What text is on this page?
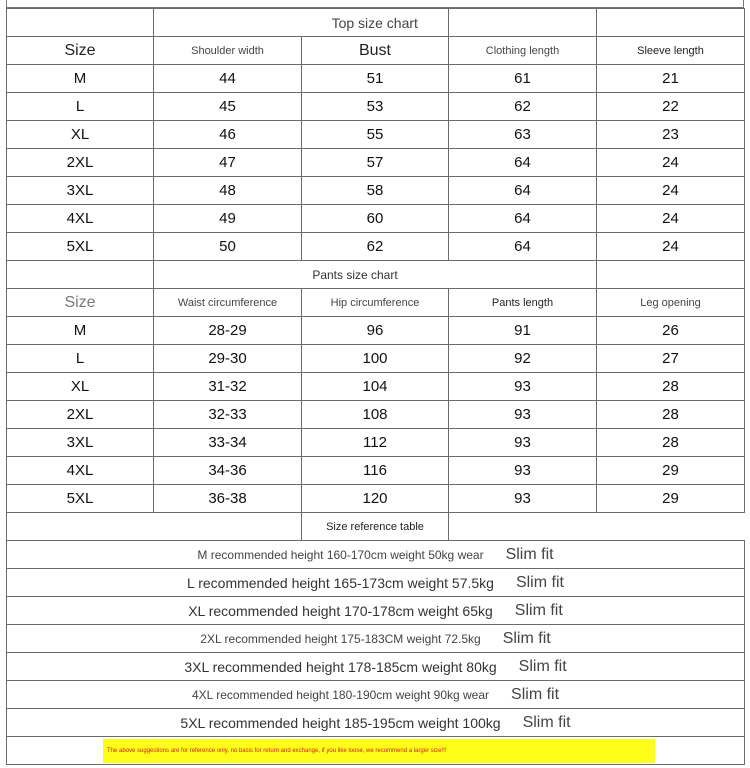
		Top size chart		
Size	Shoulder width	Bust	Clothing length	Sleeve length
M	44	51	61	21
L	45	53	62	22
XL	46	55	63	23
2XL	47	57	64	24
3XL	48	58	64	24
4XL	49	60	64	24
5XL	50	62	64	24
	Pants size chart			
Size	Waist circumference	Hip circumference	Pants length	Leg opening
M	28-29	96	91	26
L	29-30	100	92	27
XL	31-32	104	93	28
2XL	32-33	108	93	28
3XL	33-34	112	93	28
4XL	34-36	116	93	29
5XL	36-38	120	93	29
		Size reference table		

M recommended height 160-170cm weight 50kg wear Slim fit				

L recommended height 165-173cm weight 57.5kg Slim fit				

XL recommended height 170-178cm weight 65kg Slim fit				

2XL recommended height 175-183CM weight 72.5kg Slim fit				

3XL recommended height 178-185cm weight 80kg Slim fit				

4XL recommended height 180-190cm weight 90kg wear Slim fit				

5XL recommended height 185-195cm weight 100kg Slim fit				

The above suggestions are for reference only, no basis for return and exchange, if you like loose, we recommend a larger size!!!				
